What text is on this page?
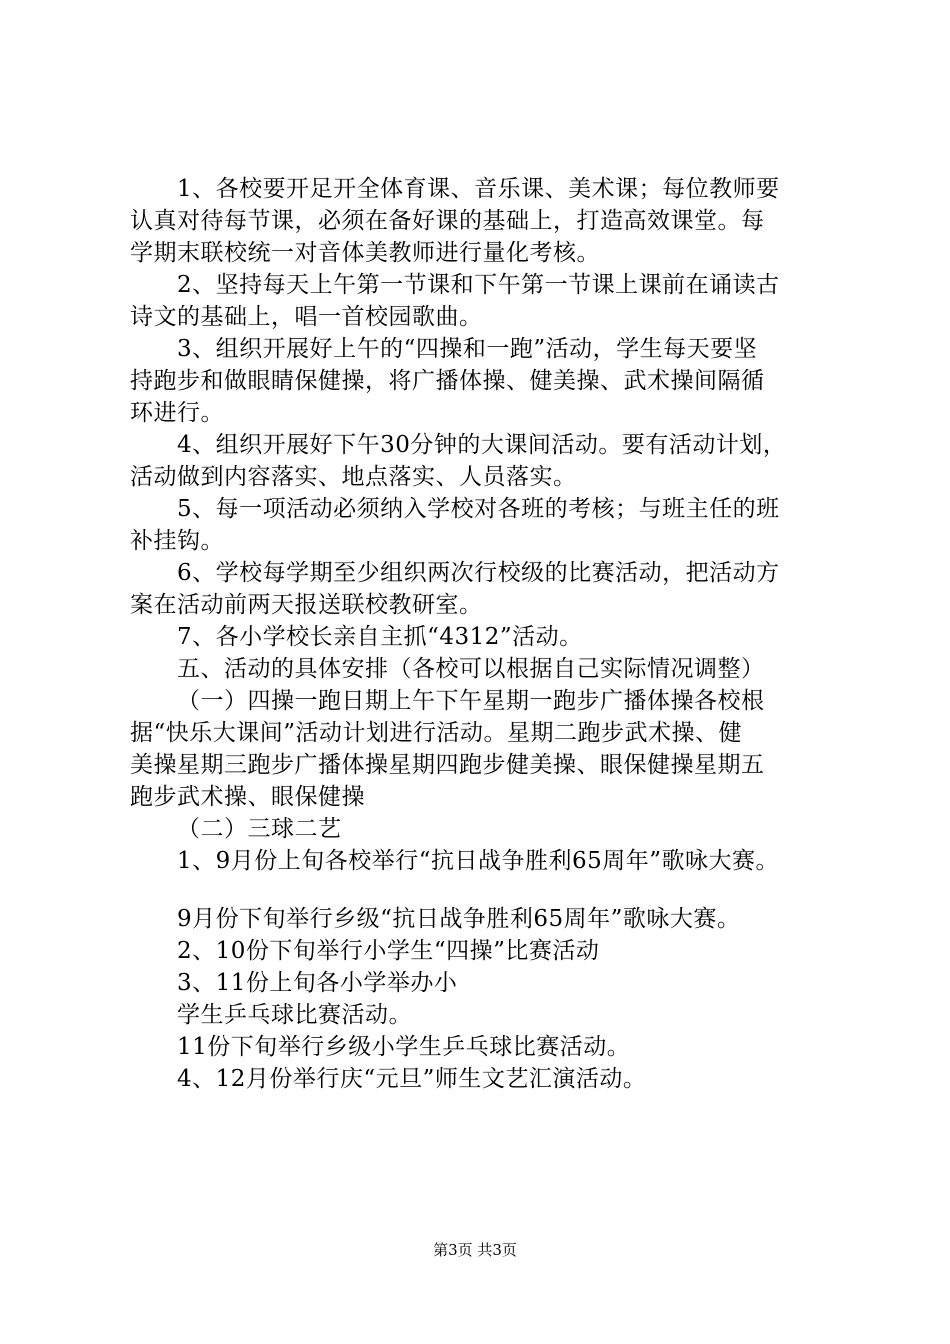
1、各校要开足开全体育课、音乐课、美术课；每位教师要
认真对待每节课，必须在备好课的基础上，打造高效课堂。每
学期末联校统一对音体美教师进行量化考核。
2、坚持每天上午第一节课和下午第一节课上课前在诵读古
诗文的基础上，唱一首校园歌曲。
3、组织开展好上午的“四操和一跑”活动，学生每天要坚
持跑步和做眼睛保健操，将广播体操、健美操、武术操间隔循
环进行。
4、组织开展好下午30分钟的大课间活动。要有活动计划，
活动做到内容落实、地点落实、人员落实。
5、每一项活动必须纳入学校对各班的考核；与班主任的班
补挂钩。
6、学校每学期至少组织两次行校级的比赛活动，把活动方
案在活动前两天报送联校教研室。
7、各小学校长亲自主抓“4312”活动。
五、活动的具体安排（各校可以根据自己实际情况调整）
（一）四操一跑日期上午下午星期一跑步广播体操各校根
据“快乐大课间”活动计划进行活动。星期二跑步武术操、健
美操星期三跑步广播体操星期四跑步健美操、眼保健操星期五
跑步武术操、眼保健操
（二）三球二艺
1、9月份上旬各校举行“抗日战争胜利65周年”歌咏大赛。
9月份下旬举行乡级“抗日战争胜利65周年”歌咏大赛。
2、10份下旬举行小学生“四操”比赛活动
3、11份上旬各小学举办小
学生乒乓球比赛活动。
11份下旬举行乡级小学生乒乓球比赛活动。
4、12月份举行庆“元旦”师生文艺汇演活动。
第3页 共3页
